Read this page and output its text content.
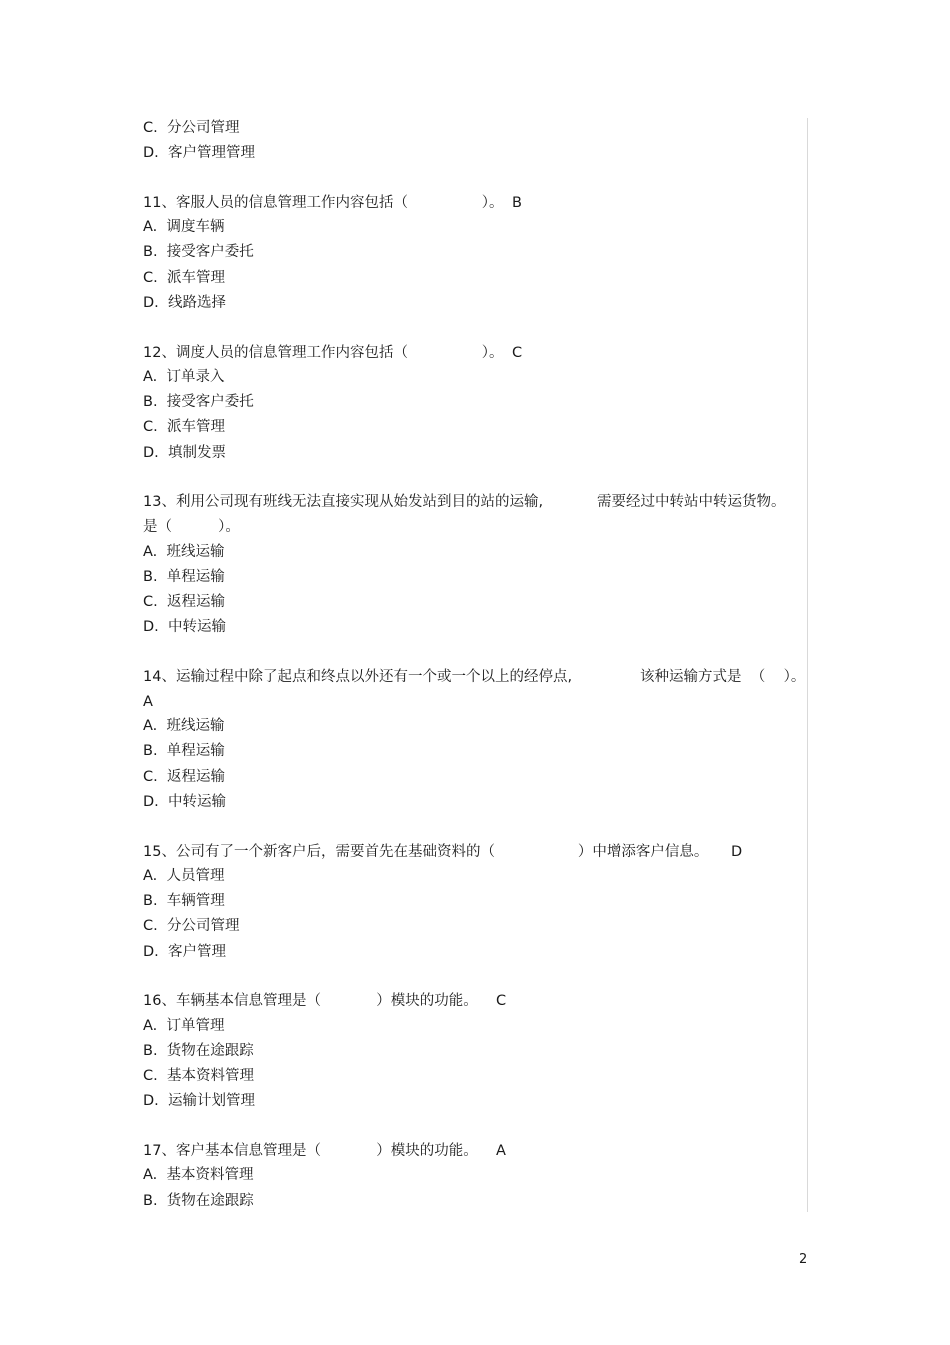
C.  分公司管理
D.  客户管理管理
11、客服人员的信息管理工作内容包括（                ）。 B
A.  调度车辆
B.  接受客户委托
C.  派车管理
D.  线路选择
12、调度人员的信息管理工作内容包括（                ）。 C
A.  订单录入
B.  接受客户委托
C.  派车管理
D.  填制发票
13、利用公司现有班线无法直接实现从始发站到目的站的运输,	需要经过中转站中转运货物。
是（          ）。
A.  班线运输
B.  单程运输
C.  返程运输
D.  中转运输
14、运输过程中除了起点和终点以外还有一个或一个以上的经停点,	该种运输方式是  （    ）。
A
A.  班线运输
B.  单程运输
C.  返程运输
D.  中转运输
15、公司有了一个新客户后，需要首先在基础资料的（                  ）中增添客户信息。 D
A.  人员管理
B.  车辆管理
C.  分公司管理
D.  客户管理
16、车辆基本信息管理是（            ）模块的功能。 C
A.  订单管理
B.  货物在途跟踪
C.  基本资料管理
D.  运输计划管理
17、客户基本信息管理是（            ）模块的功能。 A
A.  基本资料管理
B.  货物在途跟踪
2
